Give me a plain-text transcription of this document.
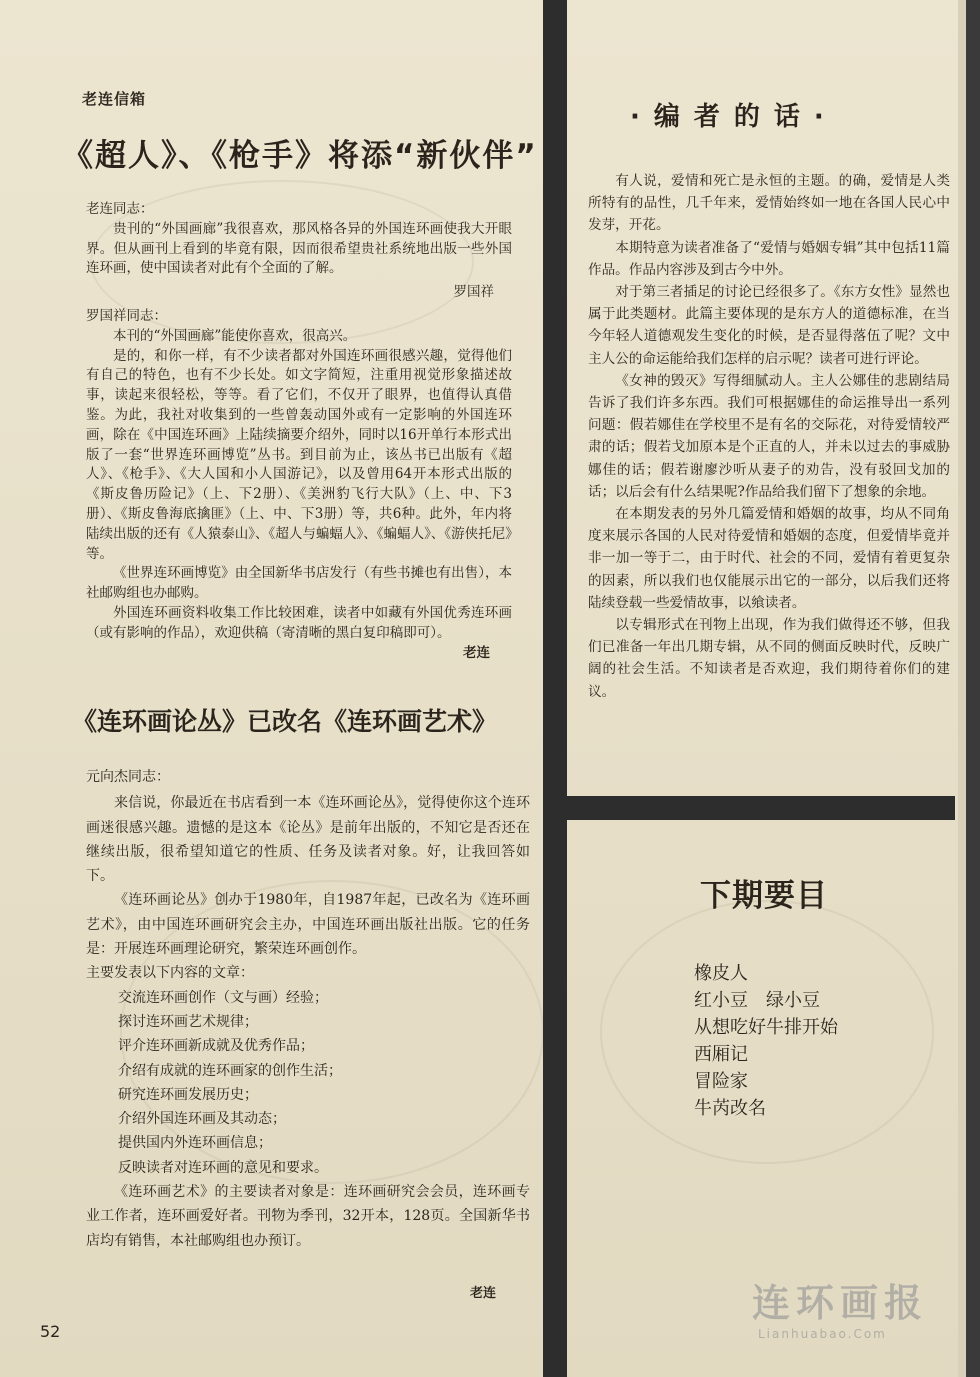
老连信箱
《超人》、《枪手》将添“新伙伴”

老连同志：

贵刊的“外国画廊”我很喜欢，那风格各异的外国连环画使我大开眼界。但从画刊上看到的毕竟有限，因而很希望贵社系统地出版一些外国连环画，使中国读者对此有个全面的了解。

罗国祥

罗国祥同志：

本刊的“外国画廊”能使你喜欢，很高兴。

是的，和你一样，有不少读者都对外国连环画很感兴趣，觉得他们有自己的特色，也有不少长处。如文字简短，注重用视觉形象描述故事，读起来很轻松，等等。看了它们，不仅开了眼界，也值得认真借鉴。为此，我社对收集到的一些曾轰动国外或有一定影响的外国连环画，除在《中国连环画》上陆续摘要介绍外，同时以16开单行本形式出版了一套“世界连环画博览”丛书。到目前为止，该丛书已出版有《超人》、《枪手》、《大人国和小人国游记》，以及曾用64开本形式出版的《斯皮鲁历险记》（上、下2册）、《美洲豹飞行大队》（上、中、下3册）、《斯皮鲁海底擒匪》（上、中、下3册）等，共6种。此外，年内将陆续出版的还有《人猿泰山》、《超人与蝙蝠人》、《蝙蝠人》、《游侠托尼》等。

《世界连环画博览》由全国新华书店发行（有些书摊也有出售），本社邮购组也办邮购。

外国连环画资料收集工作比较困难，读者中如藏有外国优秀连环画（或有影响的作品），欢迎供稿（寄清晰的黑白复印稿即可）。

老连

《连环画论丛》已改名《连环画艺术》

元向杰同志：

来信说，你最近在书店看到一本《连环画论丛》，觉得使你这个连环画迷很感兴趣。遗憾的是这本《论丛》是前年出版的，不知它是否还在继续出版，很希望知道它的性质、任务及读者对象。好，让我回答如下。

《连环画论丛》创办于1980年，自1987年起，已改名为《连环画艺术》，由中国连环画研究会主办，中国连环画出版社出版。它的任务是：开展连环画理论研究，繁荣连环画创作。

主要发表以下内容的文章：

交流连环画创作（文与画）经验；

探讨连环画艺术规律；

评介连环画新成就及优秀作品；

介绍有成就的连环画家的创作生活；

研究连环画发展历史；

介绍外国连环画及其动态；

提供国内外连环画信息；

反映读者对连环画的意见和要求。

《连环画艺术》的主要读者对象是：连环画研究会会员，连环画专业工作者，连环画爱好者。刊物为季刊，32开本，128页。全国新华书店均有销售，本社邮购组也办预订。

老连
52
·编者的话·

有人说，爱情和死亡是永恒的主题。的确，爱情是人类所特有的品性，几千年来，爱情始终如一地在各国人民心中发芽，开花。

本期特意为读者准备了“爱情与婚姻专辑”其中包括11篇作品。作品内容涉及到古今中外。

对于第三者插足的讨论已经很多了。《东方女性》显然也属于此类题材。此篇主要体现的是东方人的道德标准，在当今年轻人道德观发生变化的时候，是否显得落伍了呢？文中主人公的命运能给我们怎样的启示呢？读者可进行评论。

《女神的毁灭》写得细腻动人。主人公娜佳的悲剧结局告诉了我们许多东西。我们可根据娜佳的命运推导出一系列问题：假若娜佳在学校里不是有名的交际花，对待爱情较严肃的话；假若戈加原本是个正直的人，并未以过去的事威胁娜佳的话；假若谢廖沙听从妻子的劝告，没有驳回戈加的话；以后会有什么结果呢?作品给我们留下了想象的余地。

在本期发表的另外几篇爱情和婚姻的故事，均从不同角度来展示各国的人民对待爱情和婚姻的态度，但爱情毕竟并非一加一等于二，由于时代、社会的不同，爱情有着更复杂的因素，所以我们也仅能展示出它的一部分，以后我们还将陆续登载一些爱情故事，以飨读者。

以专辑形式在刊物上出现，作为我们做得还不够，但我们已准备一年出几期专辑，从不同的侧面反映时代，反映广阔的社会生活。不知读者是否欢迎，我们期待着你们的建议。

下期要目
橡皮人
红小豆　绿小豆
从想吃好牛排开始
西厢记
冒险家
牛芮改名
连环画报
Lianhuabao.Com
